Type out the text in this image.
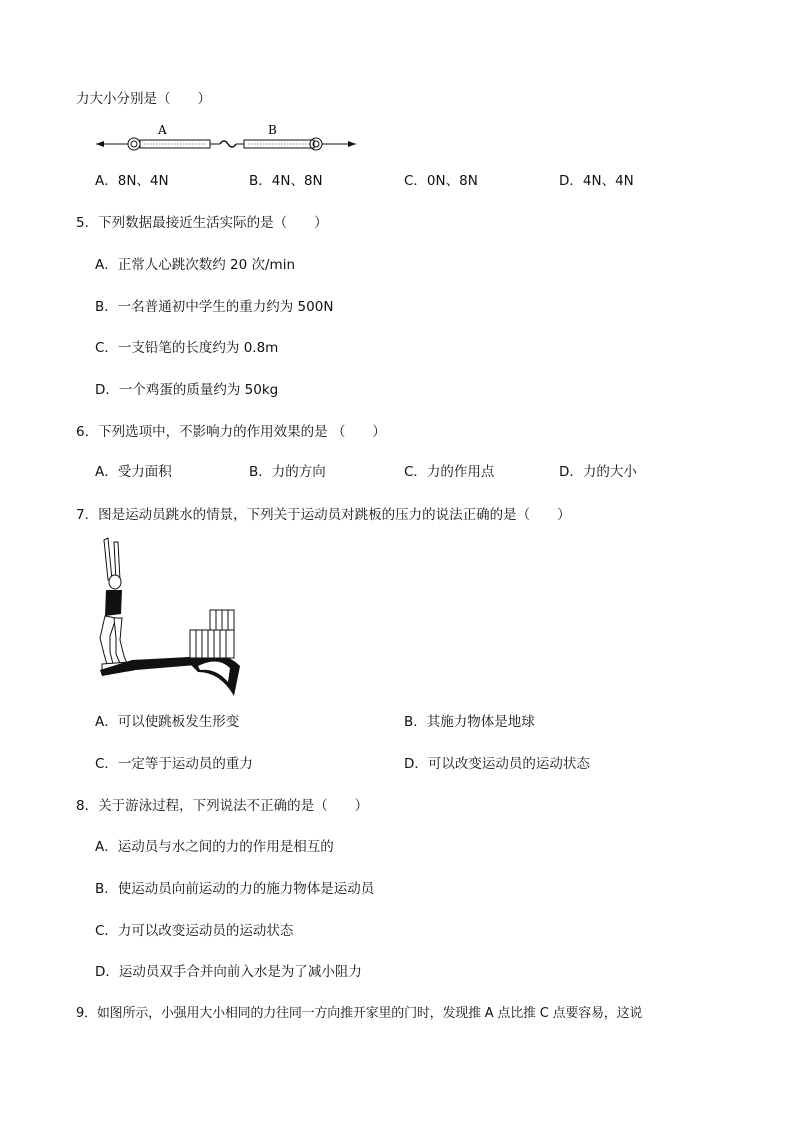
力大小分别是（　　）
A	B
A．8N、4N	B．4N、8N	C．0N、8N	D．4N、4N
5．下列数据最接近生活实际的是（　　）
A．正常人心跳次数约 20 次/min
B．一名普通初中学生的重力约为 500N
C．一支铅笔的长度约为 0.8m
D．一个鸡蛋的质量约为 50kg
6．下列选项中，不影响力的作用效果的是 （　　）
A．受力面积	B．力的方向	C．力的作用点	D．力的大小
7．图是运动员跳水的情景，下列关于运动员对跳板的压力的说法正确的是（　　）
A．可以使跳板发生形变	B．其施力物体是地球
C．一定等于运动员的重力	D．可以改变运动员的运动状态
8．关于游泳过程，下列说法不正确的是（　　）
A．运动员与水之间的力的作用是相互的
B．使运动员向前运动的力的施力物体是运动员
C．力可以改变运动员的运动状态
D．运动员双手合并向前入水是为了减小阻力
9．如图所示，小强用大小相同的力往同一方向推开家里的门时，发现推 A 点比推 C 点要容易，这说
